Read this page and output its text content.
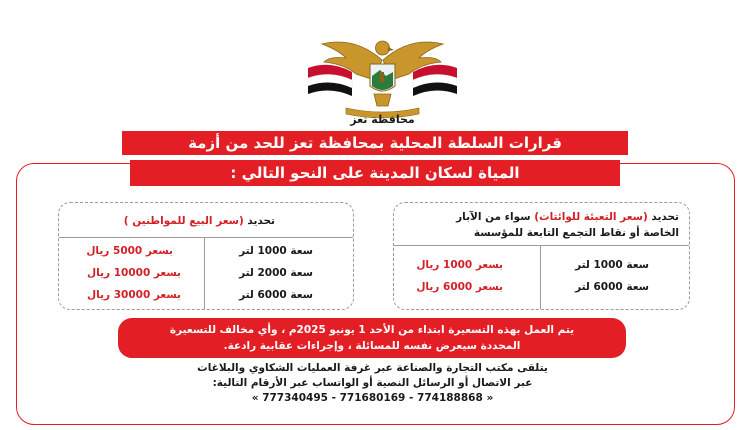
محافظة تعز
قرارات السلطة المحلية بمحافظة تعز للحد من أزمة
المياة لسكان المدينة على النحو التالي :
تحديد (سعر البيع للمواطنين )
سعة 1000 لتر
بسعر 5000 ريال
سعة 2000 لتر
بسعر 10000 ريال
سعة 6000 لتر
بسعر 30000 ريال
تحديد (سعر التعبئة للوائتات) سواء من الآبار
الخاصة أو نقاط التجمع التابعة للمؤسسة
سعة 1000 لتر
بسعر 1000 ريال
سعة 6000 لتر
بسعر 6000 ريال
يتم العمل بهذه التسعيرة ابتداء من الأحد 1 يونيو 2025م ، وأي مخالف للتسعيرة
المحددة سيعرض نفسه للمسائلة ، وإجراءات عقابية رادعة.
يتلقى مكتب التجارة والصناعة عبر غرفة العمليات الشكاوي والبلاغات
عبر الاتصال أو الرسائل النصية أو الواتساب عبر الأرقام التالية:
« 777340495 - 771680169 - 774188868 »
